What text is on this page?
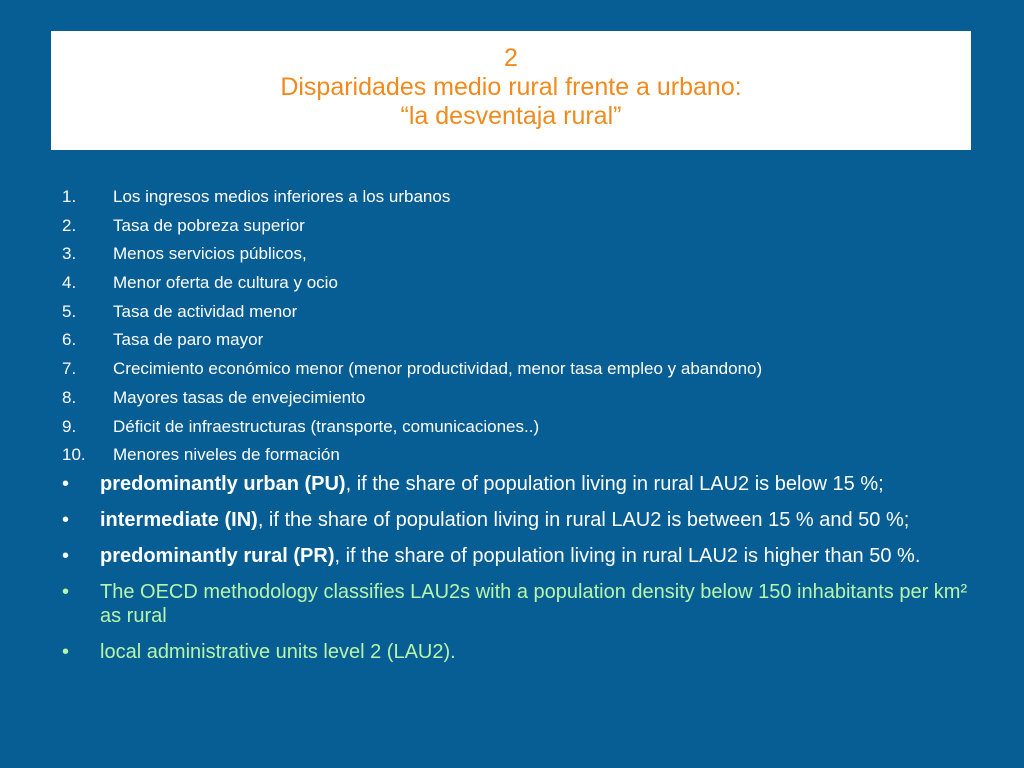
2
Disparidades medio rural frente a urbano:
“la desventaja rural”
1.	Los ingresos medios inferiores a los urbanos
2.	Tasa de pobreza superior
3.	Menos servicios públicos,
4.	Menor oferta de cultura y ocio
5.	Tasa de actividad menor
6.	Tasa de paro mayor
7.	Crecimiento económico menor (menor productividad, menor tasa empleo y abandono)
8.	Mayores tasas de envejecimiento
9.	Déficit de infraestructuras (transporte, comunicaciones..)
10.	Menores niveles de formación
•	predominantly urban (PU), if the share of population living in rural LAU2 is below 15 %;
•	intermediate (IN), if the share of population living in rural LAU2 is between 15 % and 50 %;
•	predominantly rural (PR), if the share of population living in rural LAU2 is higher than 50 %.
•	The OECD methodology classifies LAU2s with a population density below 150 inhabitants per km² as rural
•	local administrative units level 2 (LAU2).
